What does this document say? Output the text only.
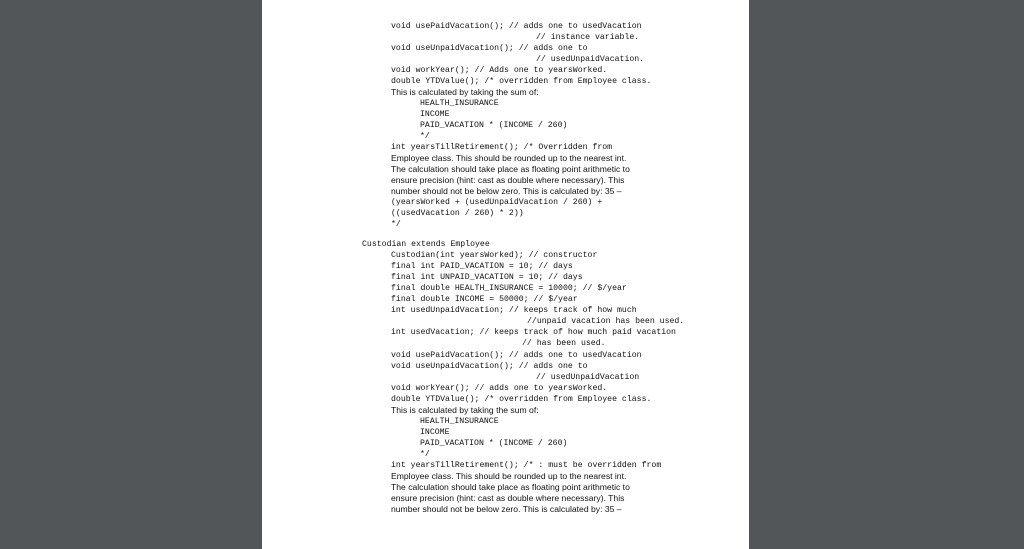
void usePaidVacation(); // adds one to usedVacation
// instance variable.
void useUnpaidVacation(); // adds one to
// usedUnpaidVacation.
void workYear(); // Adds one to yearsWorked.
double YTDValue(); /* overridden from Employee class.
This is calculated by taking the sum of:
HEALTH_INSURANCE
INCOME
PAID_VACATION * (INCOME / 260)
*/
int yearsTillRetirement(); /* Overridden from
Employee class. This should be rounded up to the nearest int.
The calculation should take place as floating point arithmetic to
ensure precision (hint: cast as double where necessary). This
number should not be below zero. This is calculated by: 35 –
(yearsWorked + (usedUnpaidVacation / 260) +
((usedVacation / 260) * 2))
*/
Custodian extends Employee
Custodian(int yearsWorked); // constructor
final int PAID_VACATION = 10; // days
final int UNPAID_VACATION = 10; // days
final double HEALTH_INSURANCE = 10000; // $/year
final double INCOME = 50000; // $/year
int usedUnpaidVacation; // keeps track of how much
//unpaid vacation has been used.
int usedVacation; // keeps track of how much paid vacation
// has been used.
void usePaidVacation(); // adds one to usedVacation
void useUnpaidVacation(); // adds one to
// usedUnpaidVacation
void workYear(); // adds one to yearsWorked.
double YTDValue(); /* overridden from Employee class.
This is calculated by taking the sum of:
HEALTH_INSURANCE
INCOME
PAID_VACATION * (INCOME / 260)
*/
int yearsTillRetirement(); /* : must be overridden from
Employee class. This should be rounded up to the nearest int.
The calculation should take place as floating point arithmetic to
ensure precision (hint: cast as double where necessary). This
number should not be below zero. This is calculated by: 35 –
